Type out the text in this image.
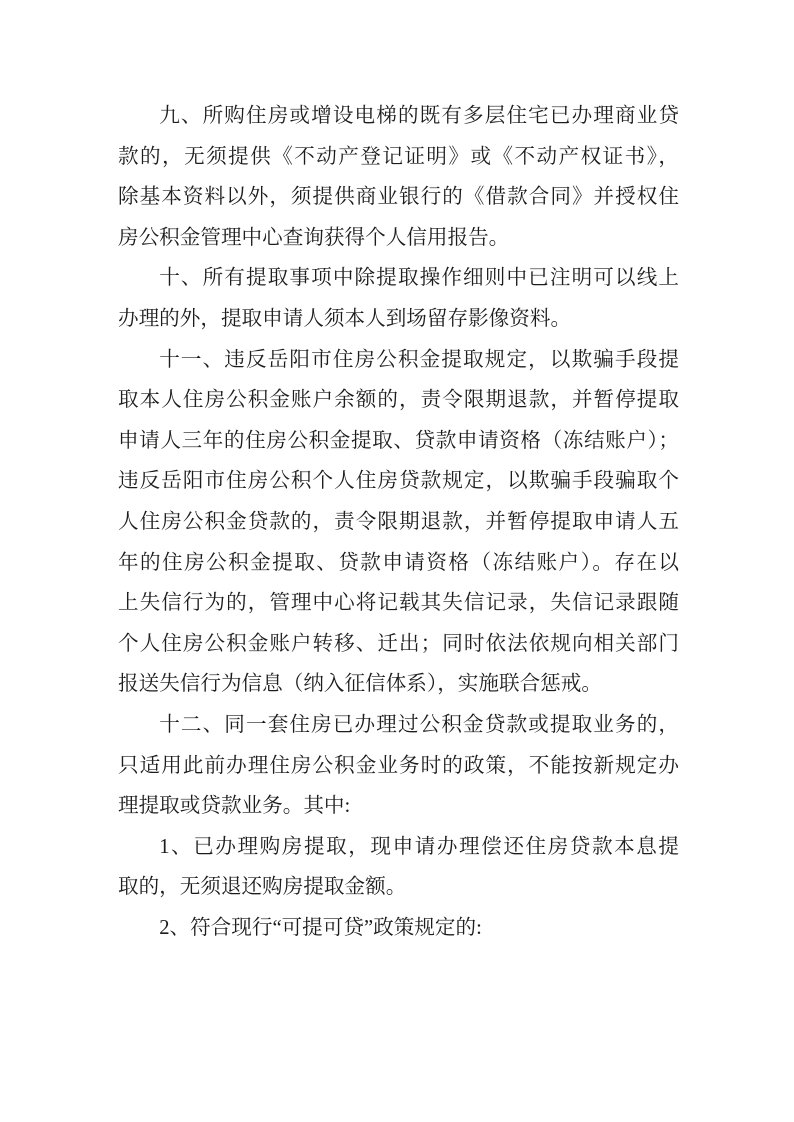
九、所购住房或增设电梯的既有多层住宅已办理商业贷
款的，无须提供《不动产登记证明》或《不动产权证书》，
除基本资料以外，须提供商业银行的《借款合同》并授权住
房公积金管理中心查询获得个人信用报告。

十、所有提取事项中除提取操作细则中已注明可以线上
办理的外，提取申请人须本人到场留存影像资料。

十一、违反岳阳市住房公积金提取规定，以欺骗手段提
取本人住房公积金账户余额的，责令限期退款，并暂停提取
申请人三年的住房公积金提取、贷款申请资格（冻结账户）；
违反岳阳市住房公积个人住房贷款规定，以欺骗手段骗取个
人住房公积金贷款的，责令限期退款，并暂停提取申请人五
年的住房公积金提取、贷款申请资格（冻结账户）。存在以
上失信行为的，管理中心将记载其失信记录，失信记录跟随
个人住房公积金账户转移、迁出；同时依法依规向相关部门
报送失信行为信息（纳入征信体系），实施联合惩戒。

十二、同一套住房已办理过公积金贷款或提取业务的，
只适用此前办理住房公积金业务时的政策，不能按新规定办
理提取或贷款业务。其中:

1、已办理购房提取，现申请办理偿还住房贷款本息提
取的，无须退还购房提取金额。

2、符合现行“可提可贷”政策规定的:
